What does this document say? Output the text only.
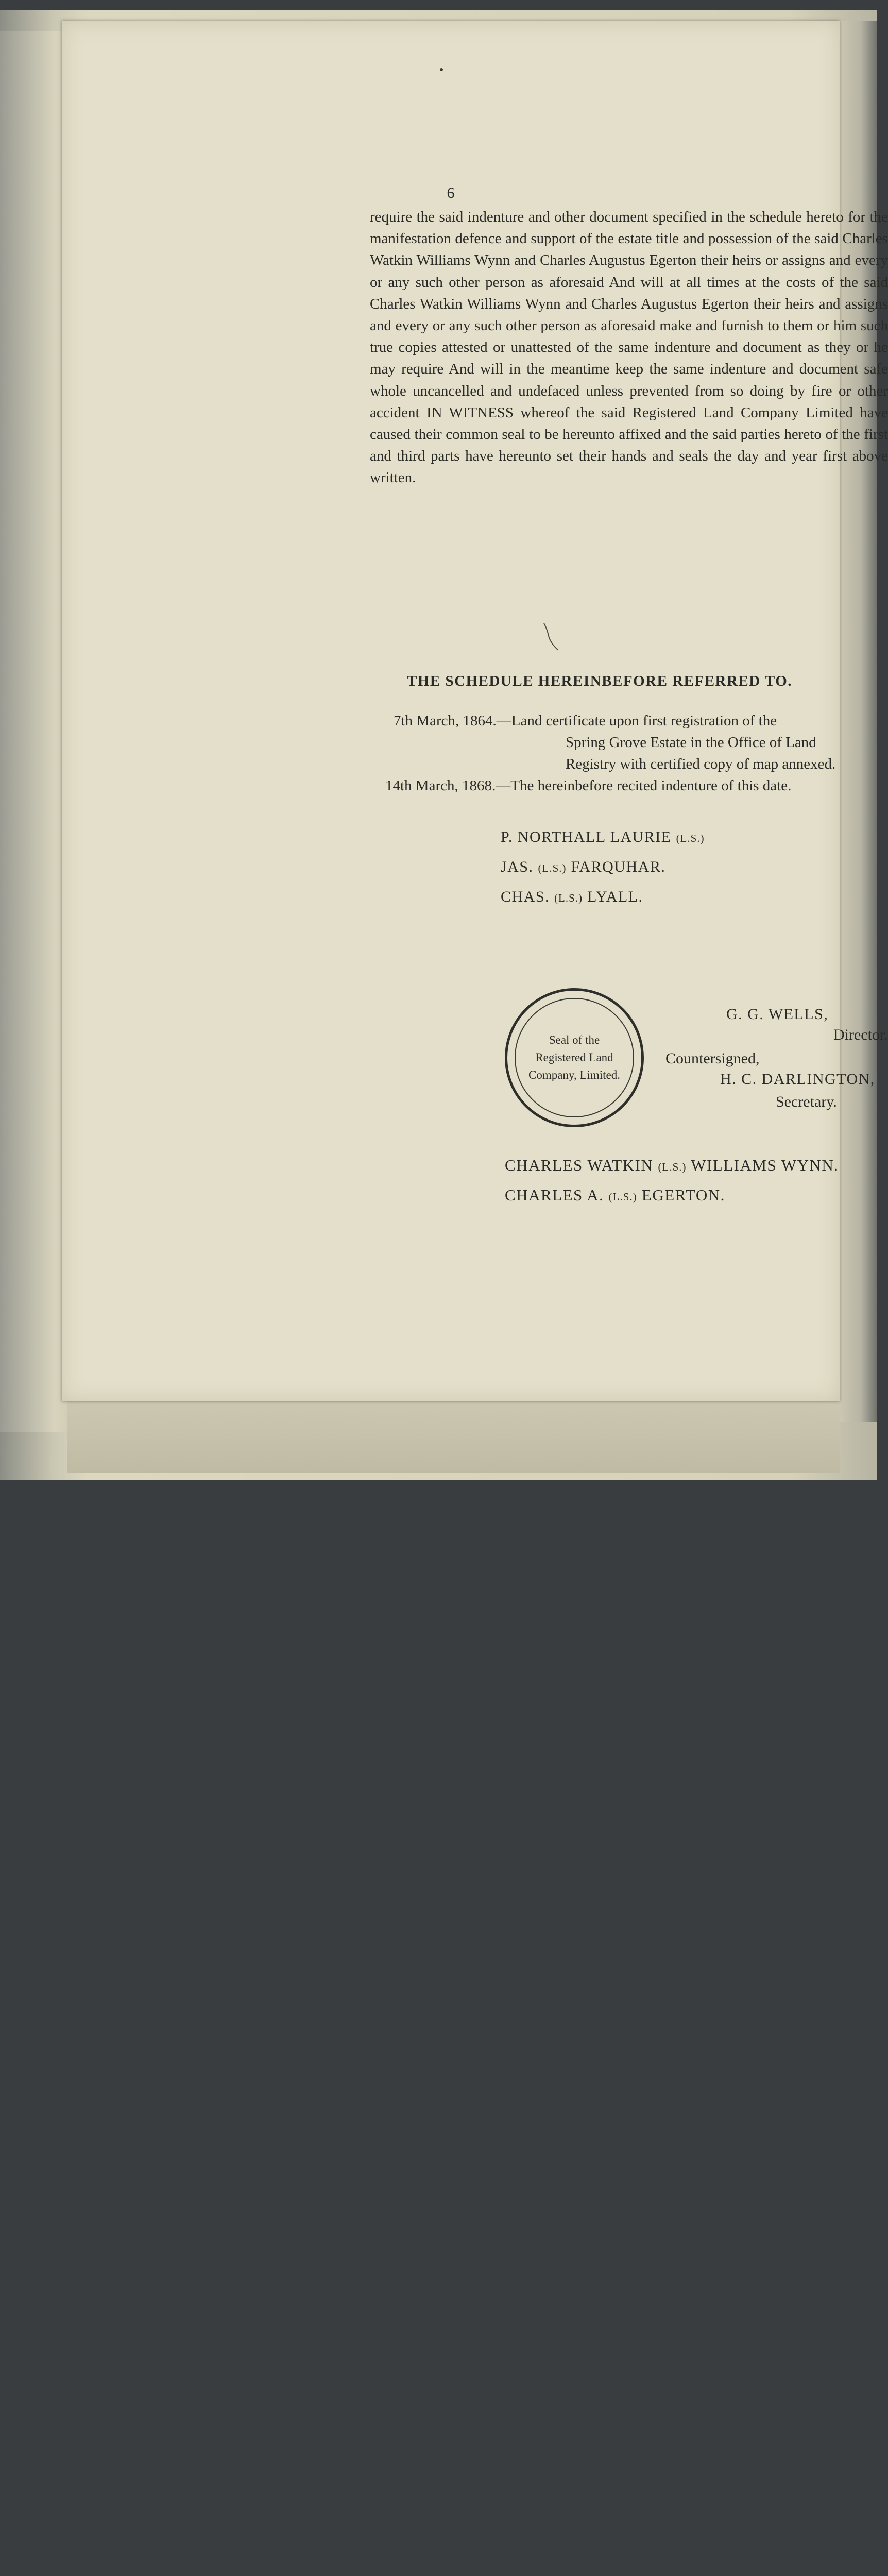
6

require the said indenture and other document specified in the schedule hereto for the manifestation defence and support of the estate title and possession of the said Charles Watkin Williams Wynn and Charles Augustus Egerton their heirs or assigns and every or any such other person as aforesaid And will at all times at the costs of the said Charles Watkin Williams Wynn and Charles Augustus Egerton their heirs and assigns and every or any such other person as aforesaid make and furnish to them or him such true copies attested or unattested of the same indenture and document as they or he may require And will in the meantime keep the same indenture and document safe whole uncancelled and undefaced unless prevented from so doing by fire or other accident IN WITNESS whereof the said Registered Land Company Limited have caused their common seal to be hereunto affixed and the said parties hereto of the first and third parts have hereunto set their hands and seals the day and year first above written.

THE SCHEDULE HEREINBEFORE REFERRED TO.
7th March, 1864.—Land certificate upon first registration of the
Spring Grove Estate in the Office of Land
Registry with certified copy of map annexed.
14th March, 1868.—The hereinbefore recited indenture of this date.
P. NORTHALL LAURIE (L.S.)
JAS. (L.S.) FARQUHAR.
CHAS. (L.S.) LYALL.
Seal of the
Registered Land
Company, Limited.
G. G. WELLS,
Director.
Countersigned,
H. C. DARLINGTON,
Secretary.
CHARLES WATKIN (L.S.) WILLIAMS WYNN.
CHARLES A. (L.S.) EGERTON.
